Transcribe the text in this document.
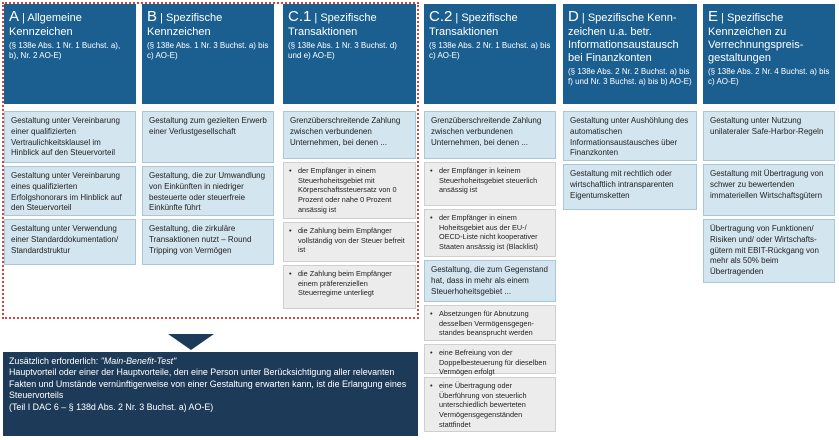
A | Allgemeine Kennzeichen
(§ 138e Abs. 1 Nr. 1 Buchst. a), b), Nr. 2 AO-E)
Gestaltung unter Vereinbarung einer qualifizierten Vertraulichkeitsklausel im Hinblick auf den Steuervorteil
Gestaltung unter Vereinbarung eines qualifizierten Erfolgshonorars im Hinblick auf den Steuervorteil
Gestaltung unter Verwendung einer Standarddokumentation/ Standardstruktur
B | Spezifische Kennzeichen
(§ 138e Abs. 1 Nr. 3 Buchst. a) bis c) AO-E)
Gestaltung zum gezielten Erwerb einer Verlustgesellschaft
Gestaltung, die zur Umwandlung von Einkünften in niedriger besteuerte oder steuerfreie Einkünfte führt
Gestaltung, die zirkuläre Transaktionen nutzt – Round Tripping von Vermögen
C.1 | Spezifische Transaktionen
(§ 138e Abs. 1 Nr. 3 Buchst. d) und e) AO-E)
Grenzüberschreitende Zahlung zwischen verbundenen Unternehmen, bei denen ...
• der Empfänger in einem Steuerhoheitsgebiet mit Körperschaftssteuersatz von 0 Prozent oder nahe 0 Prozent ansässig ist
• die Zahlung beim Empfänger vollständig von der Steuer befreit ist
• die Zahlung beim Empfänger einem präferenziellen Steuerregime unterliegt
C.2 | Spezifische Transaktionen
(§ 138e Abs. 2 Nr. 1 Buchst. a) bis c) AO-E)
Grenzüberschreitende Zahlung zwischen verbundenen Unternehmen, bei denen ...
• der Empfänger in keinem Steuerhoheitsgebiet steuerlich ansässig ist
• der Empfänger in einem Hoheitsgebiet aus der EU-/ OECD-Liste nicht kooperativer Staaten ansässig ist (Blacklist)
Gestaltung, die zum Gegenstand hat, dass in mehr als einem Steuerhoheitsgebiet ...
• Absetzungen für Abnutzung desselben Vermögensgegenstandes beansprucht werden
• eine Befreiung von der Doppelbesteuerung für dieselben Vermögen erfolgt
• eine Übertragung oder Überführung von steuerlich unterschiedlich bewerteten Vermögensgegenständen stattfindet
D | Spezifische Kennzeichen u.a. betr. Informationsaustausch bei Finanzkonten
(§ 138e Abs. 2 Nr. 2 Buchst. a) bis f) und Nr. 3 Buchst. a) bis b) AO-E)
Gestaltung unter Aushöhlung des automatischen Informationsaustausches über Finanzkonten
Gestaltung mit rechtlich oder wirtschaftlich intransparenten Eigentumsketten
E | Spezifische Kennzeichen zu Verrechnungspreisgestaltungen
(§ 138e Abs. 2 Nr. 4 Buchst. a) bis c) AO-E)
Gestaltung unter Nutzung unilateraler Safe-Harbor-Regeln
Gestaltung mit Übertragung von schwer zu bewertenden immateriellen Wirtschaftsgütern
Übertragung von Funktionen/ Risiken und/ oder Wirtschaftsgütern mit EBIT-Rückgang von mehr als 50% beim Übertragenden
Zusätzlich erforderlich: "Main-Benefit-Test"
Hauptvorteil oder einer der Hauptvorteile, den eine Person unter Berücksichtigung aller relevanten Fakten und Umstände vernünftigerweise von einer Gestaltung erwarten kann, ist die Erlangung eines Steuervorteils
(Teil I DAC 6 – § 138d Abs. 2 Nr. 3 Buchst. a) AO-E)
